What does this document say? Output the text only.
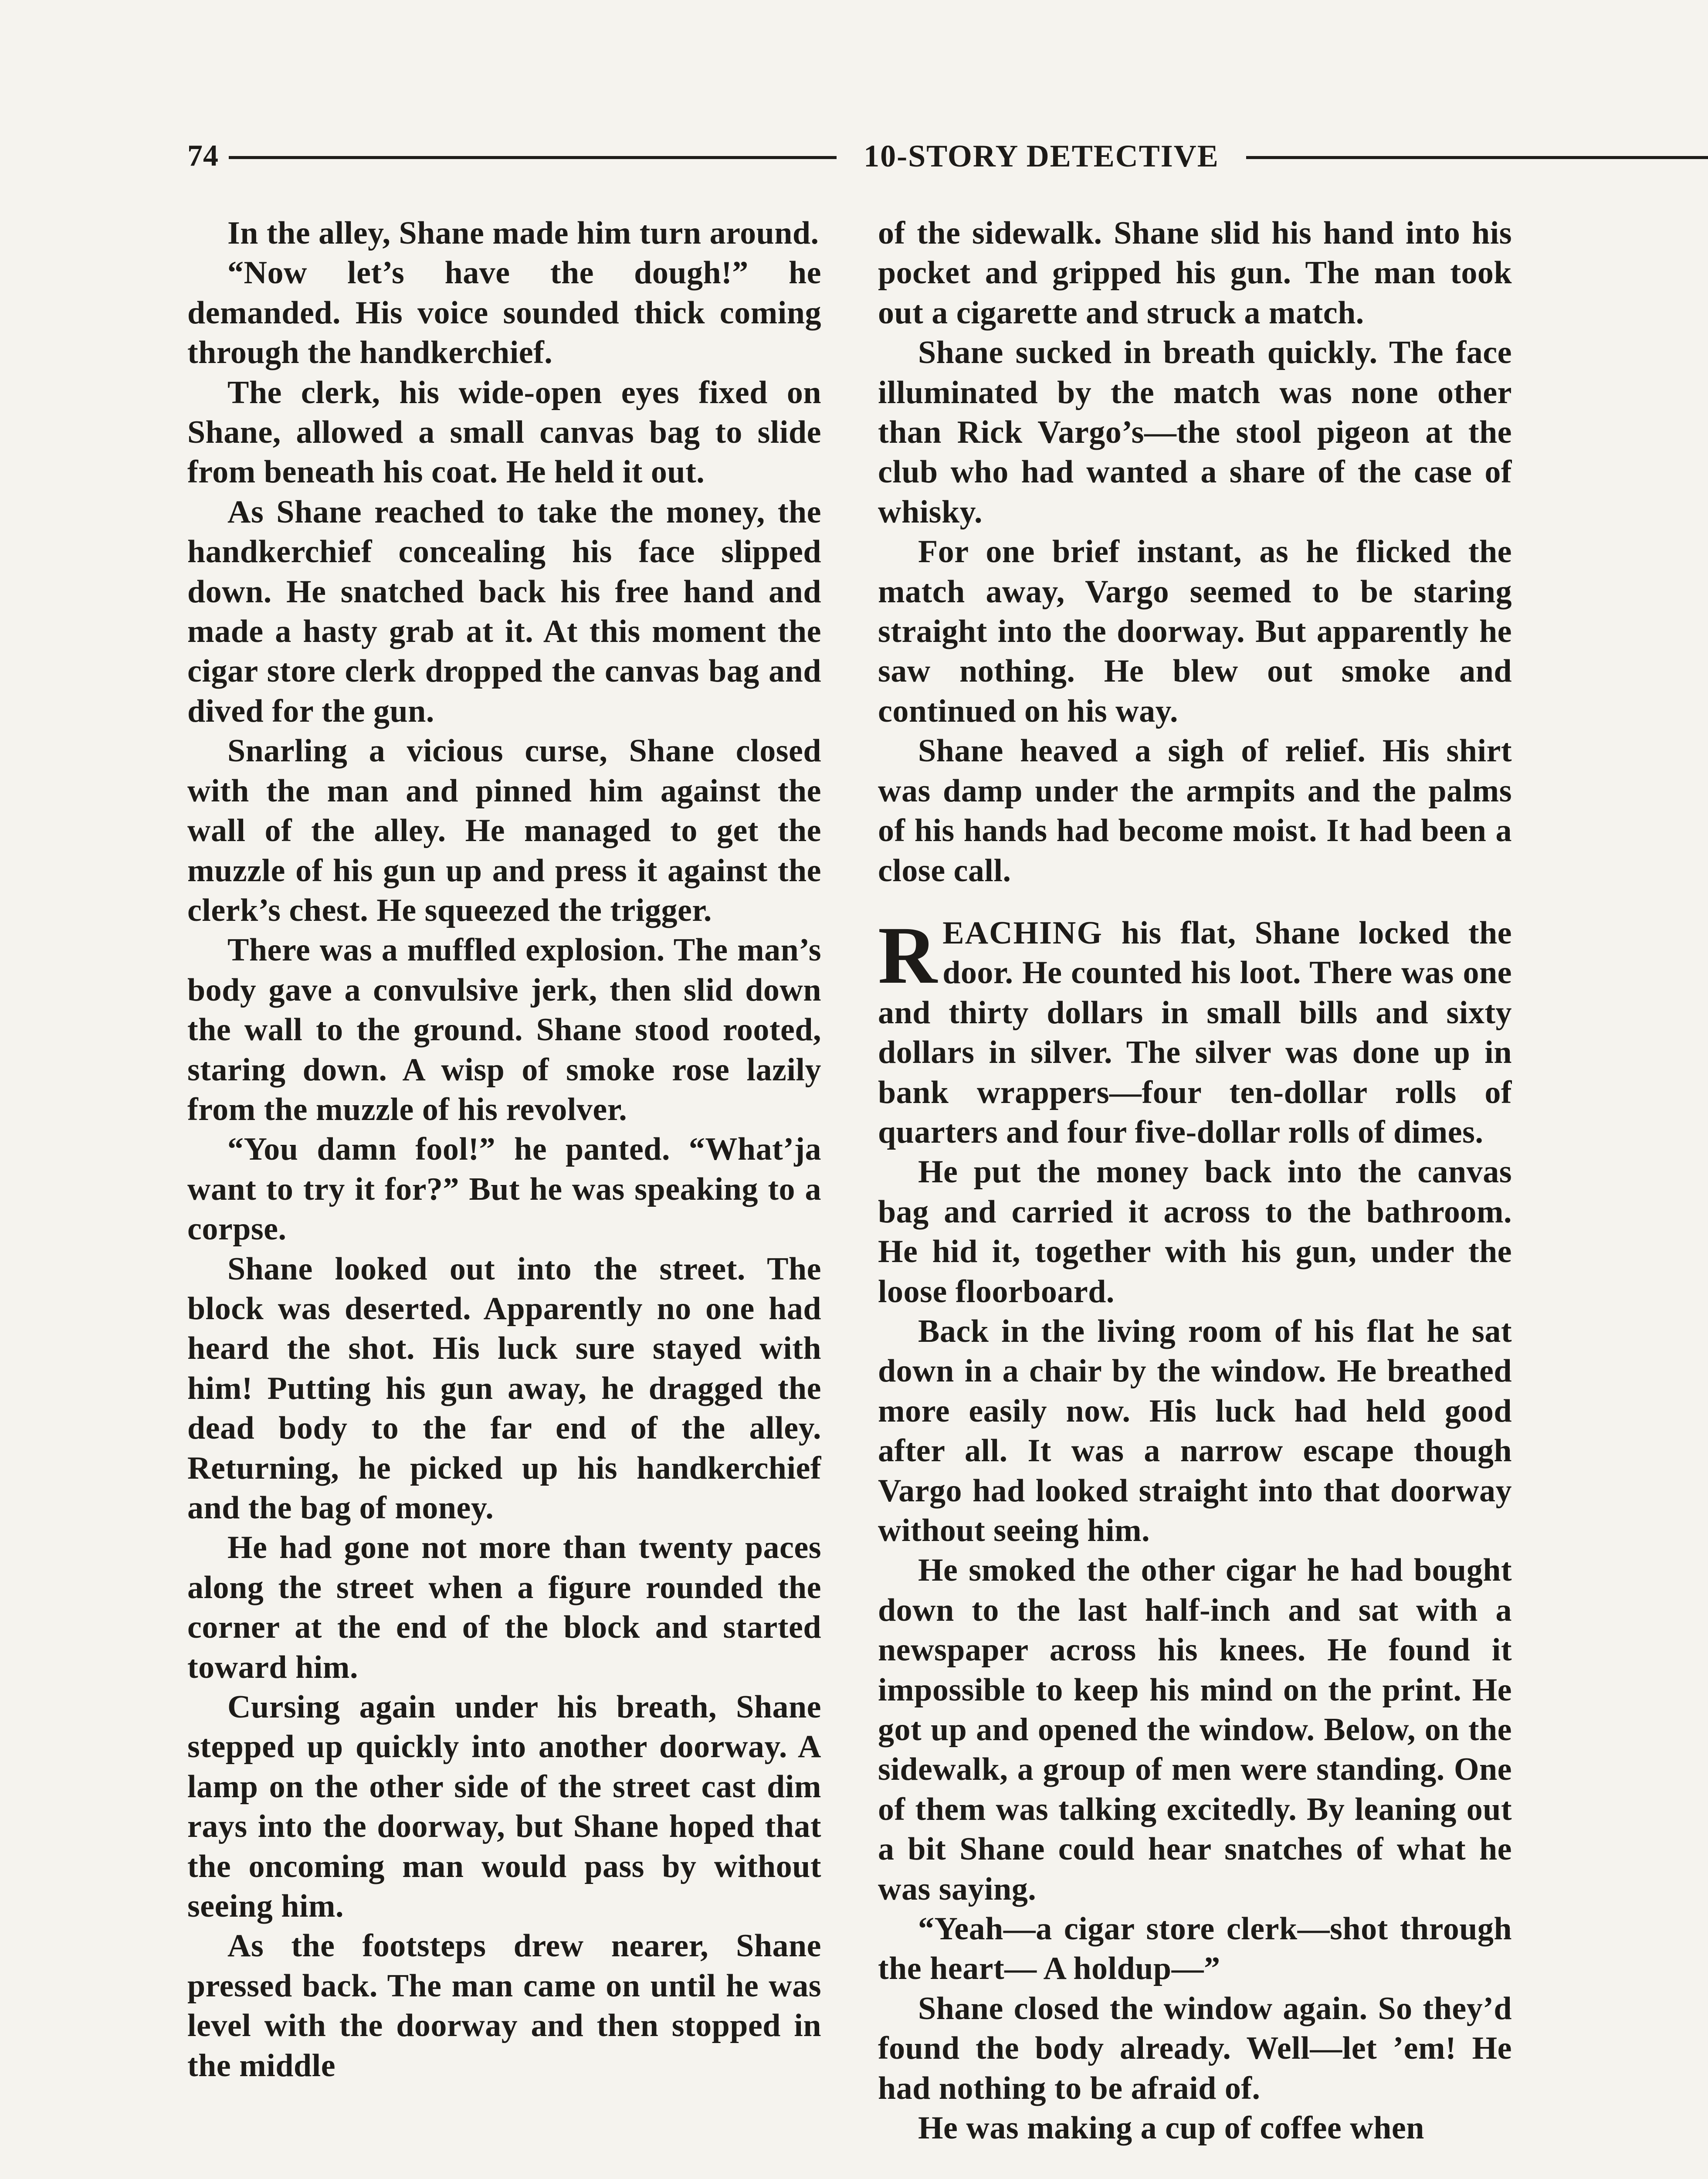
74	10-STORY DETECTIVE

In the alley, Shane made him turn around.

“Now let’s have the dough!” he demanded. His voice sounded thick coming through the handkerchief.

The clerk, his wide-open eyes fixed on Shane, allowed a small canvas bag to slide from beneath his coat. He held it out.

As Shane reached to take the money, the handkerchief concealing his face slipped down. He snatched back his free hand and made a hasty grab at it. At this moment the cigar store clerk dropped the canvas bag and dived for the gun.

Snarling a vicious curse, Shane closed with the man and pinned him against the wall of the alley. He managed to get the muzzle of his gun up and press it against the clerk’s chest. He squeezed the trigger.

There was a muffled explosion. The man’s body gave a convulsive jerk, then slid down the wall to the ground. Shane stood rooted, staring down. A wisp of smoke rose lazily from the muzzle of his revolver.

“You damn fool!” he panted. “What’ja want to try it for?” But he was speaking to a corpse.

Shane looked out into the street. The block was deserted. Apparently no one had heard the shot. His luck sure stayed with him! Putting his gun away, he dragged the dead body to the far end of the alley. Returning, he picked up his handkerchief and the bag of money.

He had gone not more than twenty paces along the street when a figure rounded the corner at the end of the block and started toward him.

Cursing again under his breath, Shane stepped up quickly into another doorway. A lamp on the other side of the street cast dim rays into the doorway, but Shane hoped that the oncoming man would pass by without seeing him.

As the footsteps drew nearer, Shane pressed back. The man came on until he was level with the doorway and then stopped in the middle

of the sidewalk. Shane slid his hand into his pocket and gripped his gun. The man took out a cigarette and struck a match.

Shane sucked in breath quickly. The face illuminated by the match was none other than Rick Vargo’s—the stool pigeon at the club who had wanted a share of the case of whisky.

For one brief instant, as he flicked the match away, Vargo seemed to be staring straight into the doorway. But apparently he saw nothing. He blew out smoke and continued on his way.

Shane heaved a sigh of relief. His shirt was damp under the armpits and the palms of his hands had become moist. It had been a close call.

REACHING his flat, Shane locked the door. He counted his loot. There was one and thirty dollars in small bills and sixty dollars in silver. The silver was done up in bank wrappers—four ten-dollar rolls of quarters and four five-dollar rolls of dimes.

He put the money back into the canvas bag and carried it across to the bathroom. He hid it, together with his gun, under the loose floorboard.

Back in the living room of his flat he sat down in a chair by the window. He breathed more easily now. His luck had held good after all. It was a narrow escape though Vargo had looked straight into that doorway without seeing him.

He smoked the other cigar he had bought down to the last half-inch and sat with a newspaper across his knees. He found it impossible to keep his mind on the print. He got up and opened the window. Below, on the sidewalk, a group of men were standing. One of them was talking excitedly. By leaning out a bit Shane could hear snatches of what he was saying.

“Yeah—a cigar store clerk—shot through the heart— A holdup—”

Shane closed the window again. So they’d found the body already. Well—let ’em! He had nothing to be afraid of.

He was making a cup of coffee when
